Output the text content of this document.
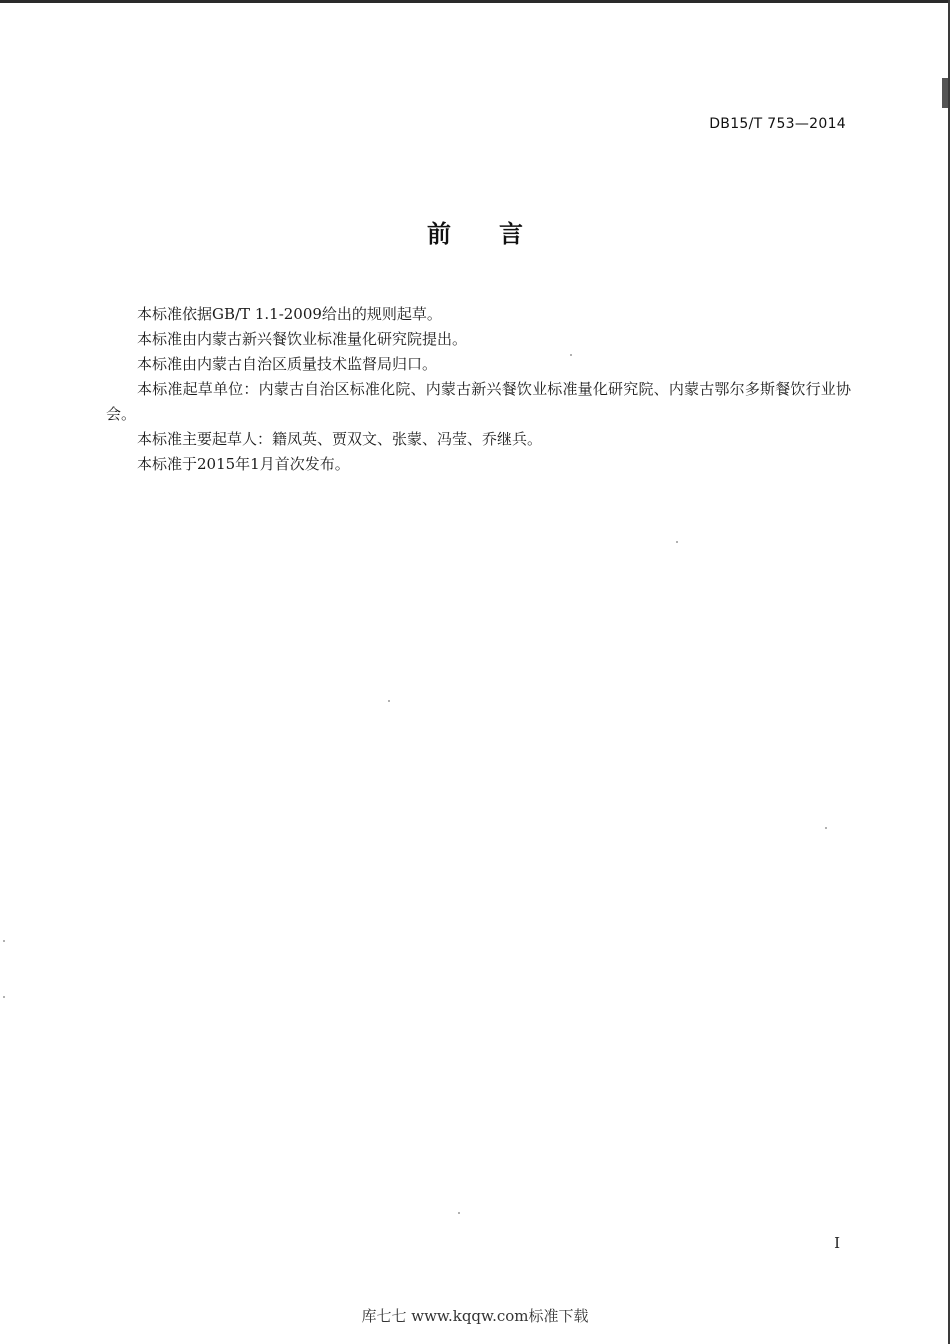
DB15/T 753—2014
前言

本标准依据GB/T 1.1-2009给出的规则起草。

本标准由内蒙古新兴餐饮业标准量化研究院提出。

本标准由内蒙古自治区质量技术监督局归口。

本标准起草单位：内蒙古自治区标准化院、内蒙古新兴餐饮业标准量化研究院、内蒙古鄂尔多斯餐饮行业协会。

本标准主要起草人：籍凤英、贾双文、张蒙、冯莹、乔继兵。

本标准于2015年1月首次发布。

I
库七七 www.kqqw.com标准下载
